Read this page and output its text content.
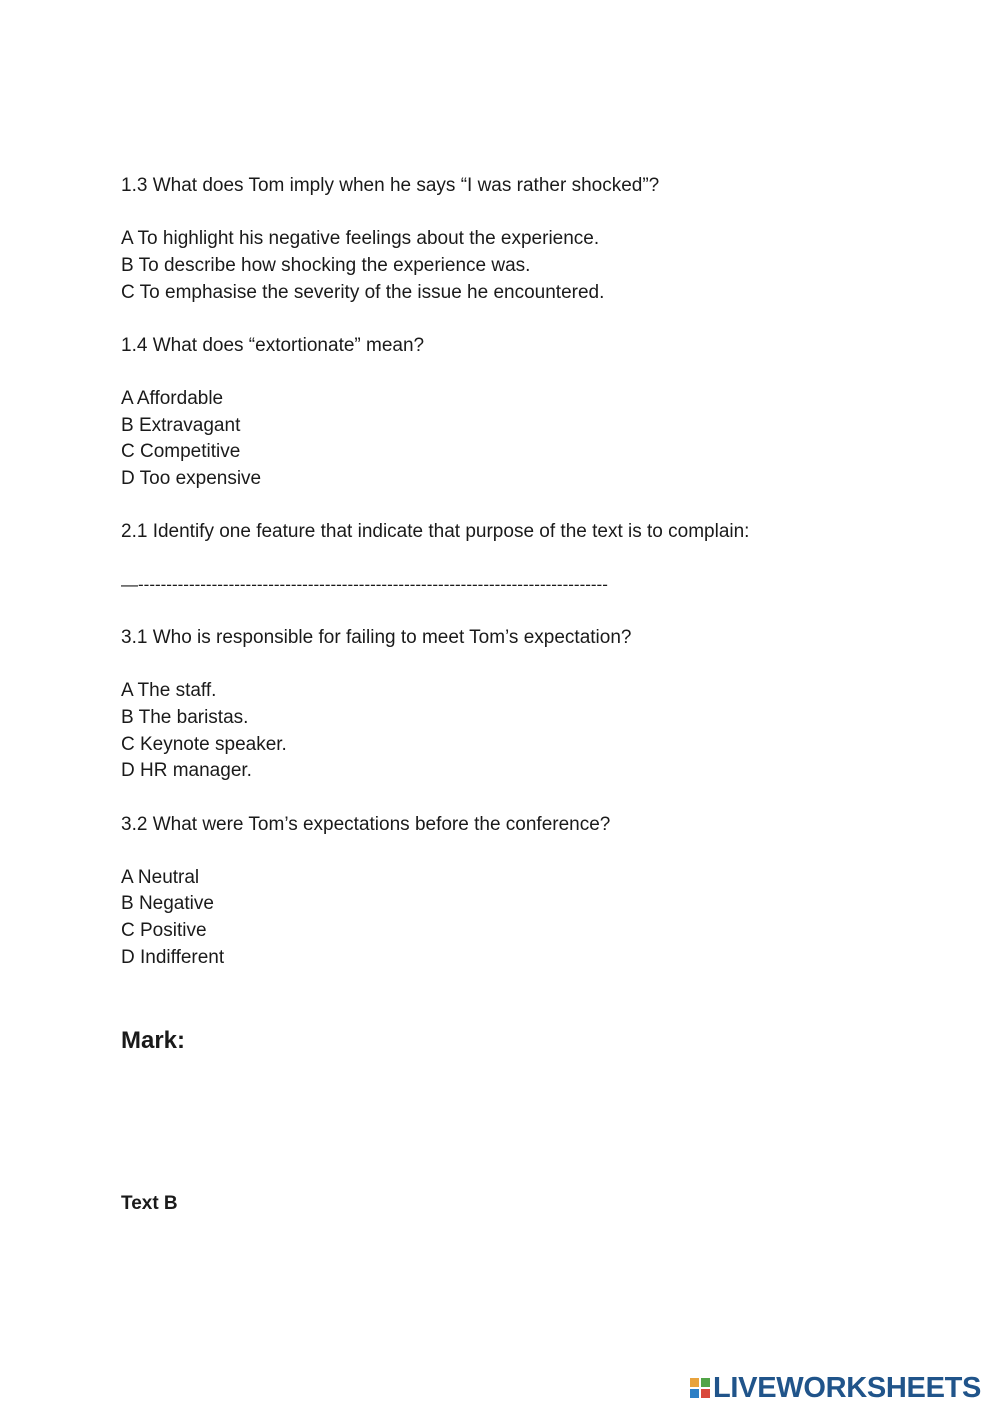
1.3 What does Tom imply when he says “I was rather shocked”?
A To highlight his negative feelings about the experience.
B To describe how shocking the experience was.
C To emphasise the severity of the issue he encountered.
1.4 What does “extortionate” mean?
A Affordable
B Extravagant
C Competitive
D Too expensive
2.1 Identify one feature that indicate that purpose of the text is to complain:
—-----------------------------------------------------------------------------------
3.1 Who is responsible for failing to meet Tom’s expectation?
A The staff.
B The baristas.
C Keynote speaker.
D HR manager.
3.2 What were Tom’s expectations before the conference?
A Neutral
B Negative
C Positive
D Indifferent
Mark:
Text B
LIVEWORKSHEETS
